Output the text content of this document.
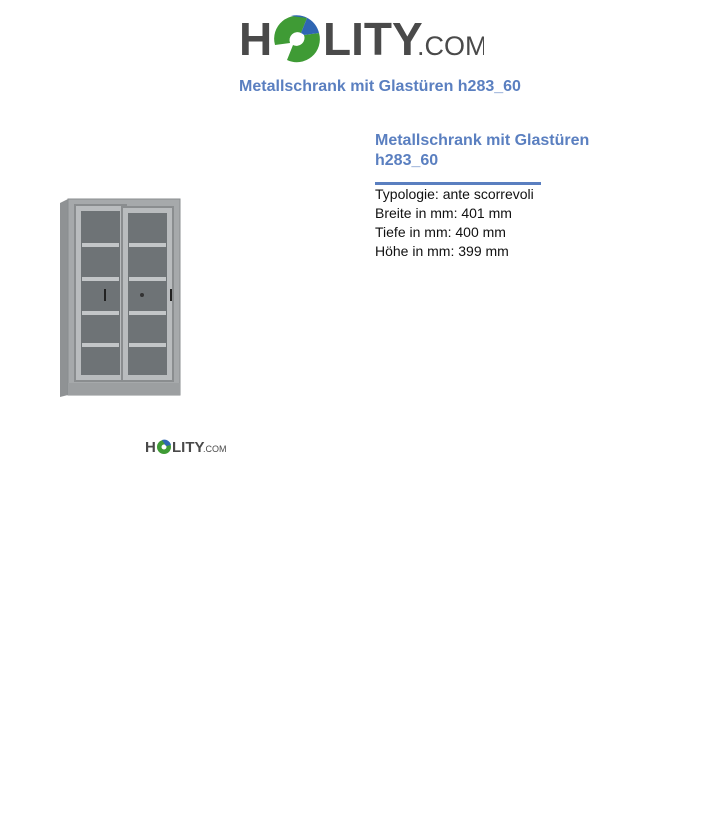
H LITY
.COM
Metallschrank mit Glastüren h283_60
H LITY
.COM
Metallschrank mit Glastüren h283_60
Typologie: ante scorrevoli
Breite in mm: 401 mm
Tiefe in mm: 400 mm
Höhe in mm: 399 mm
